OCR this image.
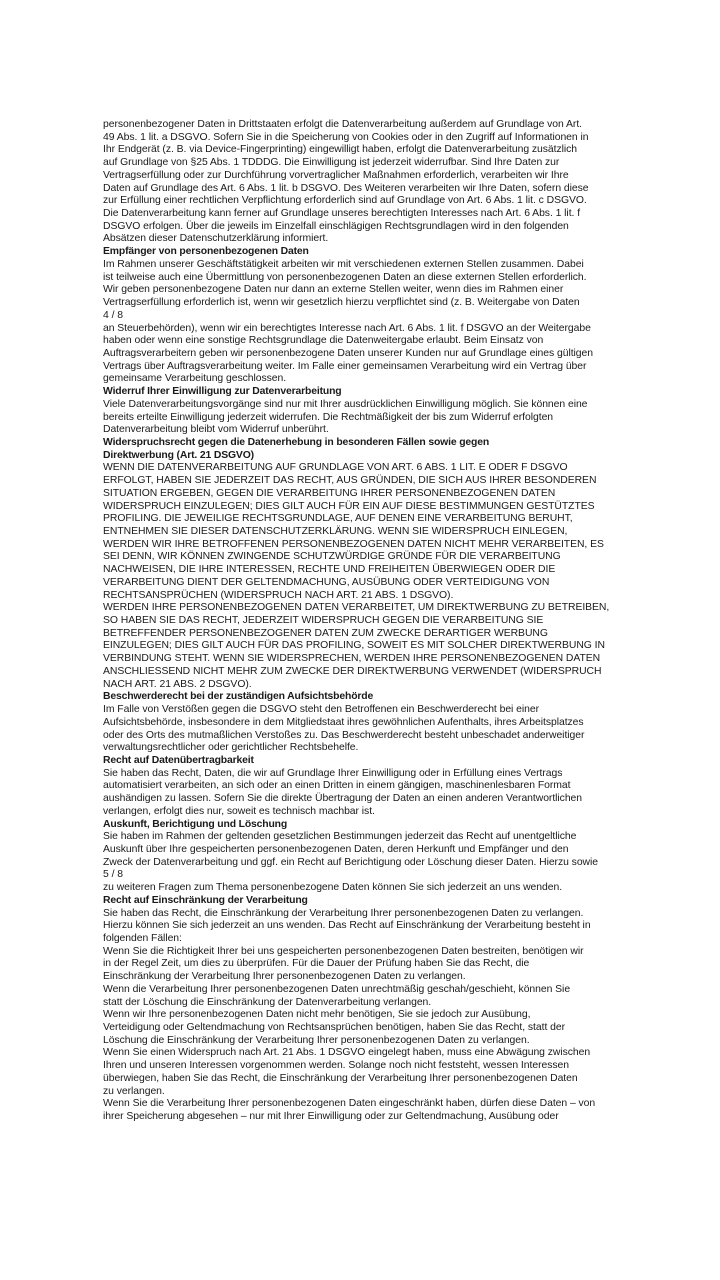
personenbezogener Daten in Drittstaaten erfolgt die Datenverarbeitung außerdem auf Grundlage von Art.
49 Abs. 1 lit. a DSGVO. Sofern Sie in die Speicherung von Cookies oder in den Zugriff auf Informationen in
Ihr Endgerät (z. B. via Device-Fingerprinting) eingewilligt haben, erfolgt die Datenverarbeitung zusätzlich
auf Grundlage von §25 Abs. 1 TDDDG. Die Einwilligung ist jederzeit widerrufbar. Sind Ihre Daten zur
Vertragserfüllung oder zur Durchführung vorvertraglicher Maßnahmen erforderlich, verarbeiten wir Ihre
Daten auf Grundlage des Art. 6 Abs. 1 lit. b DSGVO. Des Weiteren verarbeiten wir Ihre Daten, sofern diese
zur Erfüllung einer rechtlichen Verpflichtung erforderlich sind auf Grundlage von Art. 6 Abs. 1 lit. c DSGVO.
Die Datenverarbeitung kann ferner auf Grundlage unseres berechtigten Interesses nach Art. 6 Abs. 1 lit. f
DSGVO erfolgen. Über die jeweils im Einzelfall einschlägigen Rechtsgrundlagen wird in den folgenden
Absätzen dieser Datenschutzerklärung informiert.
Empfänger von personenbezogenen Daten
Im Rahmen unserer Geschäftstätigkeit arbeiten wir mit verschiedenen externen Stellen zusammen. Dabei
ist teilweise auch eine Übermittlung von personenbezogenen Daten an diese externen Stellen erforderlich.
Wir geben personenbezogene Daten nur dann an externe Stellen weiter, wenn dies im Rahmen einer
Vertragserfüllung erforderlich ist, wenn wir gesetzlich hierzu verpflichtet sind (z. B. Weitergabe von Daten
4 / 8
an Steuerbehörden), wenn wir ein berechtigtes Interesse nach Art. 6 Abs. 1 lit. f DSGVO an der Weitergabe
haben oder wenn eine sonstige Rechtsgrundlage die Datenweitergabe erlaubt. Beim Einsatz von
Auftragsverarbeitern geben wir personenbezogene Daten unserer Kunden nur auf Grundlage eines gültigen
Vertrags über Auftragsverarbeitung weiter. Im Falle einer gemeinsamen Verarbeitung wird ein Vertrag über
gemeinsame Verarbeitung geschlossen.
Widerruf Ihrer Einwilligung zur Datenverarbeitung
Viele Datenverarbeitungsvorgänge sind nur mit Ihrer ausdrücklichen Einwilligung möglich. Sie können eine
bereits erteilte Einwilligung jederzeit widerrufen. Die Rechtmäßigkeit der bis zum Widerruf erfolgten
Datenverarbeitung bleibt vom Widerruf unberührt.
Widerspruchsrecht gegen die Datenerhebung in besonderen Fällen sowie gegen
Direktwerbung (Art. 21 DSGVO)
WENN DIE DATENVERARBEITUNG AUF GRUNDLAGE VON ART. 6 ABS. 1 LIT. E ODER F DSGVO
ERFOLGT, HABEN SIE JEDERZEIT DAS RECHT, AUS GRÜNDEN, DIE SICH AUS IHRER BESONDEREN
SITUATION ERGEBEN, GEGEN DIE VERARBEITUNG IHRER PERSONENBEZOGENEN DATEN
WIDERSPRUCH EINZULEGEN; DIES GILT AUCH FÜR EIN AUF DIESE BESTIMMUNGEN GESTÜTZTES
PROFILING. DIE JEWEILIGE RECHTSGRUNDLAGE, AUF DENEN EINE VERARBEITUNG BERUHT,
ENTNEHMEN SIE DIESER DATENSCHUTZERKLÄRUNG. WENN SIE WIDERSPRUCH EINLEGEN,
WERDEN WIR IHRE BETROFFENEN PERSONENBEZOGENEN DATEN NICHT MEHR VERARBEITEN, ES
SEI DENN, WIR KÖNNEN ZWINGENDE SCHUTZWÜRDIGE GRÜNDE FÜR DIE VERARBEITUNG
NACHWEISEN, DIE IHRE INTERESSEN, RECHTE UND FREIHEITEN ÜBERWIEGEN ODER DIE
VERARBEITUNG DIENT DER GELTENDMACHUNG, AUSÜBUNG ODER VERTEIDIGUNG VON
RECHTSANSPRÜCHEN (WIDERSPRUCH NACH ART. 21 ABS. 1 DSGVO).
WERDEN IHRE PERSONENBEZOGENEN DATEN VERARBEITET, UM DIREKTWERBUNG ZU BETREIBEN,
SO HABEN SIE DAS RECHT, JEDERZEIT WIDERSPRUCH GEGEN DIE VERARBEITUNG SIE
BETREFFENDER PERSONENBEZOGENER DATEN ZUM ZWECKE DERARTIGER WERBUNG
EINZULEGEN; DIES GILT AUCH FÜR DAS PROFILING, SOWEIT ES MIT SOLCHER DIREKTWERBUNG IN
VERBINDUNG STEHT. WENN SIE WIDERSPRECHEN, WERDEN IHRE PERSONENBEZOGENEN DATEN
ANSCHLIESSEND NICHT MEHR ZUM ZWECKE DER DIREKTWERBUNG VERWENDET (WIDERSPRUCH
NACH ART. 21 ABS. 2 DSGVO).
Beschwerderecht bei der zuständigen Aufsichtsbehörde
Im Falle von Verstößen gegen die DSGVO steht den Betroffenen ein Beschwerderecht bei einer
Aufsichtsbehörde, insbesondere in dem Mitgliedstaat ihres gewöhnlichen Aufenthalts, ihres Arbeitsplatzes
oder des Orts des mutmaßlichen Verstoßes zu. Das Beschwerderecht besteht unbeschadet anderweitiger
verwaltungsrechtlicher oder gerichtlicher Rechtsbehelfe.
Recht auf Datenübertragbarkeit
Sie haben das Recht, Daten, die wir auf Grundlage Ihrer Einwilligung oder in Erfüllung eines Vertrags
automatisiert verarbeiten, an sich oder an einen Dritten in einem gängigen, maschinenlesbaren Format
aushändigen zu lassen. Sofern Sie die direkte Übertragung der Daten an einen anderen Verantwortlichen
verlangen, erfolgt dies nur, soweit es technisch machbar ist.
Auskunft, Berichtigung und Löschung
Sie haben im Rahmen der geltenden gesetzlichen Bestimmungen jederzeit das Recht auf unentgeltliche
Auskunft über Ihre gespeicherten personenbezogenen Daten, deren Herkunft und Empfänger und den
Zweck der Datenverarbeitung und ggf. ein Recht auf Berichtigung oder Löschung dieser Daten. Hierzu sowie
5 / 8
zu weiteren Fragen zum Thema personenbezogene Daten können Sie sich jederzeit an uns wenden.
Recht auf Einschränkung der Verarbeitung
Sie haben das Recht, die Einschränkung der Verarbeitung Ihrer personenbezogenen Daten zu verlangen.
Hierzu können Sie sich jederzeit an uns wenden. Das Recht auf Einschränkung der Verarbeitung besteht in
folgenden Fällen:
Wenn Sie die Richtigkeit Ihrer bei uns gespeicherten personenbezogenen Daten bestreiten, benötigen wir
in der Regel Zeit, um dies zu überprüfen. Für die Dauer der Prüfung haben Sie das Recht, die
Einschränkung der Verarbeitung Ihrer personenbezogenen Daten zu verlangen.
Wenn die Verarbeitung Ihrer personenbezogenen Daten unrechtmäßig geschah/geschieht, können Sie
statt der Löschung die Einschränkung der Datenverarbeitung verlangen.
Wenn wir Ihre personenbezogenen Daten nicht mehr benötigen, Sie sie jedoch zur Ausübung,
Verteidigung oder Geltendmachung von Rechtsansprüchen benötigen, haben Sie das Recht, statt der
Löschung die Einschränkung der Verarbeitung Ihrer personenbezogenen Daten zu verlangen.
Wenn Sie einen Widerspruch nach Art. 21 Abs. 1 DSGVO eingelegt haben, muss eine Abwägung zwischen
Ihren und unseren Interessen vorgenommen werden. Solange noch nicht feststeht, wessen Interessen
überwiegen, haben Sie das Recht, die Einschränkung der Verarbeitung Ihrer personenbezogenen Daten
zu verlangen.
Wenn Sie die Verarbeitung Ihrer personenbezogenen Daten eingeschränkt haben, dürfen diese Daten – von
ihrer Speicherung abgesehen – nur mit Ihrer Einwilligung oder zur Geltendmachung, Ausübung oder
